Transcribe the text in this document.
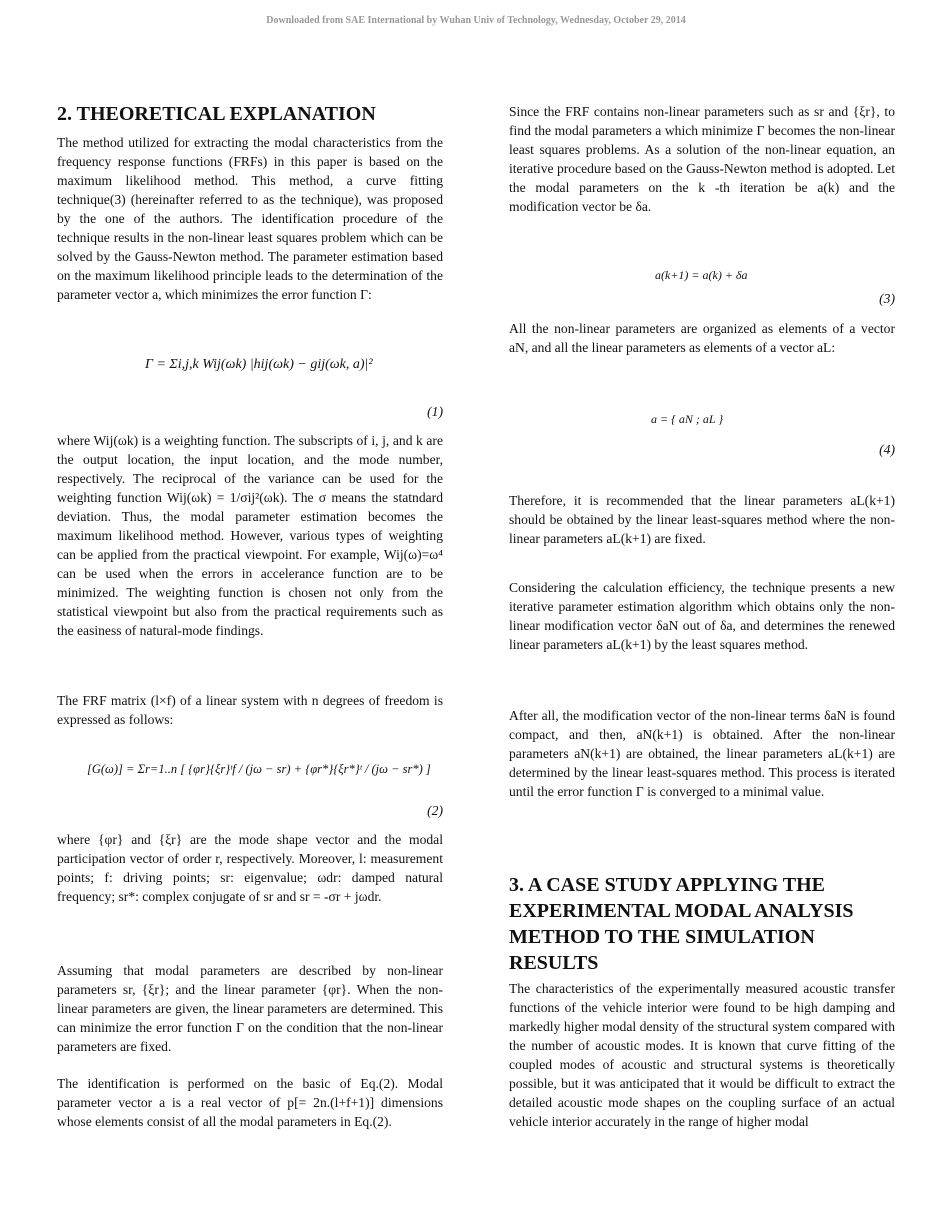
Downloaded from SAE International by Wuhan Univ of Technology, Wednesday, October 29, 2014
2. THEORETICAL EXPLANATION
The method utilized for extracting the modal characteristics from the frequency response functions (FRFs) in this paper is based on the maximum likelihood method. This method, a curve fitting technique(3) (hereinafter referred to as the technique), was proposed by the one of the authors. The identification procedure of the technique results in the non-linear least squares problem which can be solved by the Gauss-Newton method. The parameter estimation based on the maximum likelihood principle leads to the determination of the parameter vector a, which minimizes the error function Γ:
Γ = Σi,j,k Wij(ωk) |hij(ωk) − gij(ωk, a)|²
(1)
where Wij(ωk) is a weighting function. The subscripts of i, j, and k are the output location, the input location, and the mode number, respectively. The reciprocal of the variance can be used for the weighting function Wij(ωk) = 1/σij²(ωk). The σ means the statndard deviation. Thus, the modal parameter estimation becomes the maximum likelihood method. However, various types of weighting can be applied from the practical viewpoint. For example, Wij(ω)=ω⁴ can be used when the errors in accelerance function are to be minimized. The weighting function is chosen not only from the statistical viewpoint but also from the practical requirements such as the easiness of natural-mode findings.
The FRF matrix (l×f) of a linear system with n degrees of freedom is expressed as follows:
[G(ω)] = Σr=1..n [ {φr}{ξr}ᵗf / (jω − sr) + {φr*}{ξr*}ᵗ / (jω − sr*) ]
(2)
where {φr} and {ξr} are the mode shape vector and the modal participation vector of order r, respectively. Moreover, l: measurement points; f: driving points; sr: eigenvalue; ωdr: damped natural frequency; sr*: complex conjugate of sr and sr = -σr + jωdr.
Assuming that modal parameters are described by non-linear parameters sr, {ξr}; and the linear parameter {φr}. When the non-linear parameters are given, the linear parameters are determined. This can minimize the error function Γ on the condition that the non-linear parameters are fixed.
The identification is performed on the basic of Eq.(2). Modal parameter vector a is a real vector of p[= 2n.(l+f+1)] dimensions whose elements consist of all the modal parameters in Eq.(2).
Since the FRF contains non-linear parameters such as sr and {ξr}, to find the modal parameters a which minimize Γ becomes the non-linear least squares problems. As a solution of the non-linear equation, an iterative procedure based on the Gauss-Newton method is adopted. Let the modal parameters on the k -th iteration be a(k) and the modification vector be δa.
a(k+1) = a(k) + δa
(3)
All the non-linear parameters are organized as elements of a vector aN, and all the linear parameters as elements of a vector aL:
a = { aN ; aL }
(4)
Therefore, it is recommended that the linear parameters aL(k+1) should be obtained by the linear least-squares method where the non-linear parameters aL(k+1) are fixed.
Considering the calculation efficiency, the technique presents a new iterative parameter estimation algorithm which obtains only the non-linear modification vector δaN out of δa, and determines the renewed linear parameters aL(k+1) by the least squares method.
After all, the modification vector of the non-linear terms δaN is found compact, and then, aN(k+1) is obtained. After the non-linear parameters aN(k+1) are obtained, the linear parameters aL(k+1) are determined by the linear least-squares method. This process is iterated until the error function Γ is converged to a minimal value.
3. A CASE STUDY APPLYING THE EXPERIMENTAL MODAL ANALYSIS METHOD TO THE SIMULATION RESULTS
The characteristics of the experimentally measured acoustic transfer functions of the vehicle interior were found to be high damping and markedly higher modal density of the structural system compared with the number of acoustic modes. It is known that curve fitting of the coupled modes of acoustic and structural systems is theoretically possible, but it was anticipated that it would be difficult to extract the detailed acoustic mode shapes on the coupling surface of an actual vehicle interior accurately in the range of higher modal
